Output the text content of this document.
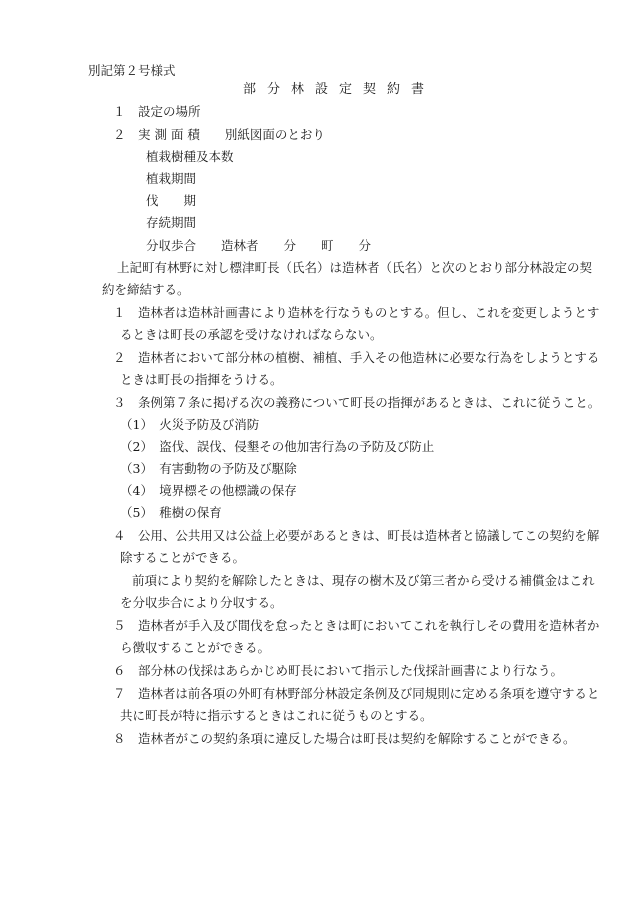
別記第２号様式
部分林設定契約書
１　設定の場所
２　実 測 面 積　　別紙図面のとおり
植栽樹種及本数
植栽期間
伐　　期
存続期間
分収歩合　　造林者　　分　　町　　分
上記町有林野に対し標津町長（氏名）は造林者（氏名）と次のとおり部分林設定の契
約を締結する。
１　造林者は造林計画書により造林を行なうものとする。但し、これを変更しようとす
るときは町長の承認を受けなければならない。
２　造林者において部分林の植樹、補植、手入その他造林に必要な行為をしようとする
ときは町長の指揮をうける。
３　条例第７条に掲げる次の義務について町長の指揮があるときは、これに従うこと。
（1）　火災予防及び消防
（2）　盗伐、誤伐、侵墾その他加害行為の予防及び防止
（3）　有害動物の予防及び駆除
（4）　境界標その他標識の保存
（5）　稚樹の保育
４　公用、公共用又は公益上必要があるときは、町長は造林者と協議してこの契約を解
除することができる。
前項により契約を解除したときは、現存の樹木及び第三者から受ける補償金はこれ
を分収歩合により分収する。
５　造林者が手入及び間伐を怠ったときは町においてこれを執行しその費用を造林者か
ら徴収することができる。
６　部分林の伐採はあらかじめ町長において指示した伐採計画書により行なう。
７　造林者は前各項の外町有林野部分林設定条例及び同規則に定める条項を遵守すると
共に町長が特に指示するときはこれに従うものとする。
８　造林者がこの契約条項に違反した場合は町長は契約を解除することができる。
